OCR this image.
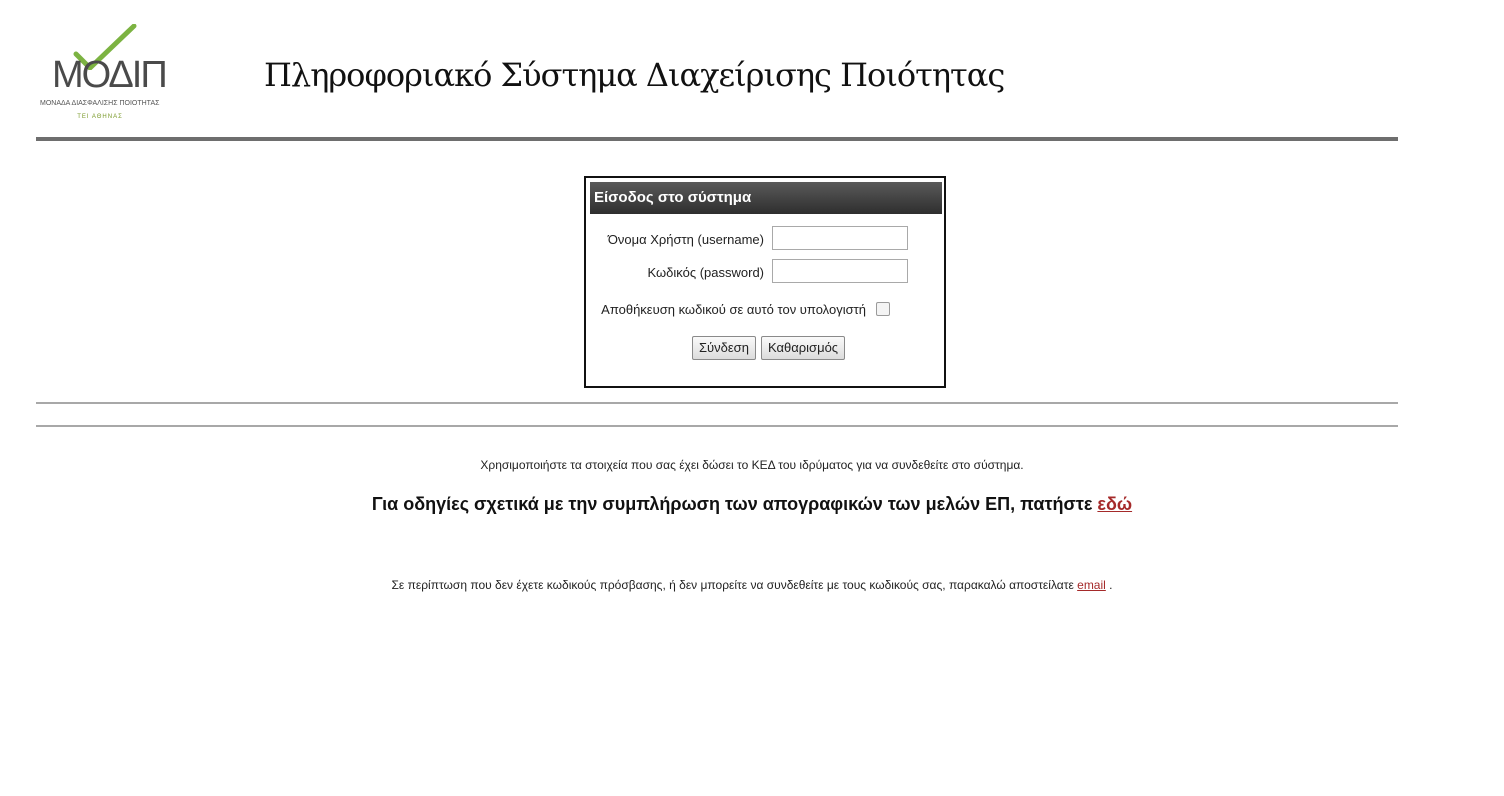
ΜΟΔΙΠ
ΜΟΝΑΔΑ ΔΙΑΣΦΑΛΙΣΗΣ ΠΟΙΟΤΗΤΑΣ
ΤΕΙ ΑΘΗΝΑΣ
Πληροφοριακό Σύστημα Διαχείρισης Ποιότητας
Είσοδος στο σύστημα
Όνομα Χρήστη (username)
Κωδικός (password)
Αποθήκευση κωδικού σε αυτό τον υπολογιστή
Σύνδεση	Καθαρισμός
Χρησιμοποιήστε τα στοιχεία που σας έχει δώσει το ΚΕΔ του ιδρύματος για να συνδεθείτε στο σύστημα.
Για οδηγίες σχετικά με την συμπλήρωση των απογραφικών των μελών ΕΠ, πατήστε εδώ
Σε περίπτωση που δεν έχετε κωδικούς πρόσβασης, ή δεν μπορείτε να συνδεθείτε με τους κωδικούς σας, παρακαλώ αποστείλατε email .
